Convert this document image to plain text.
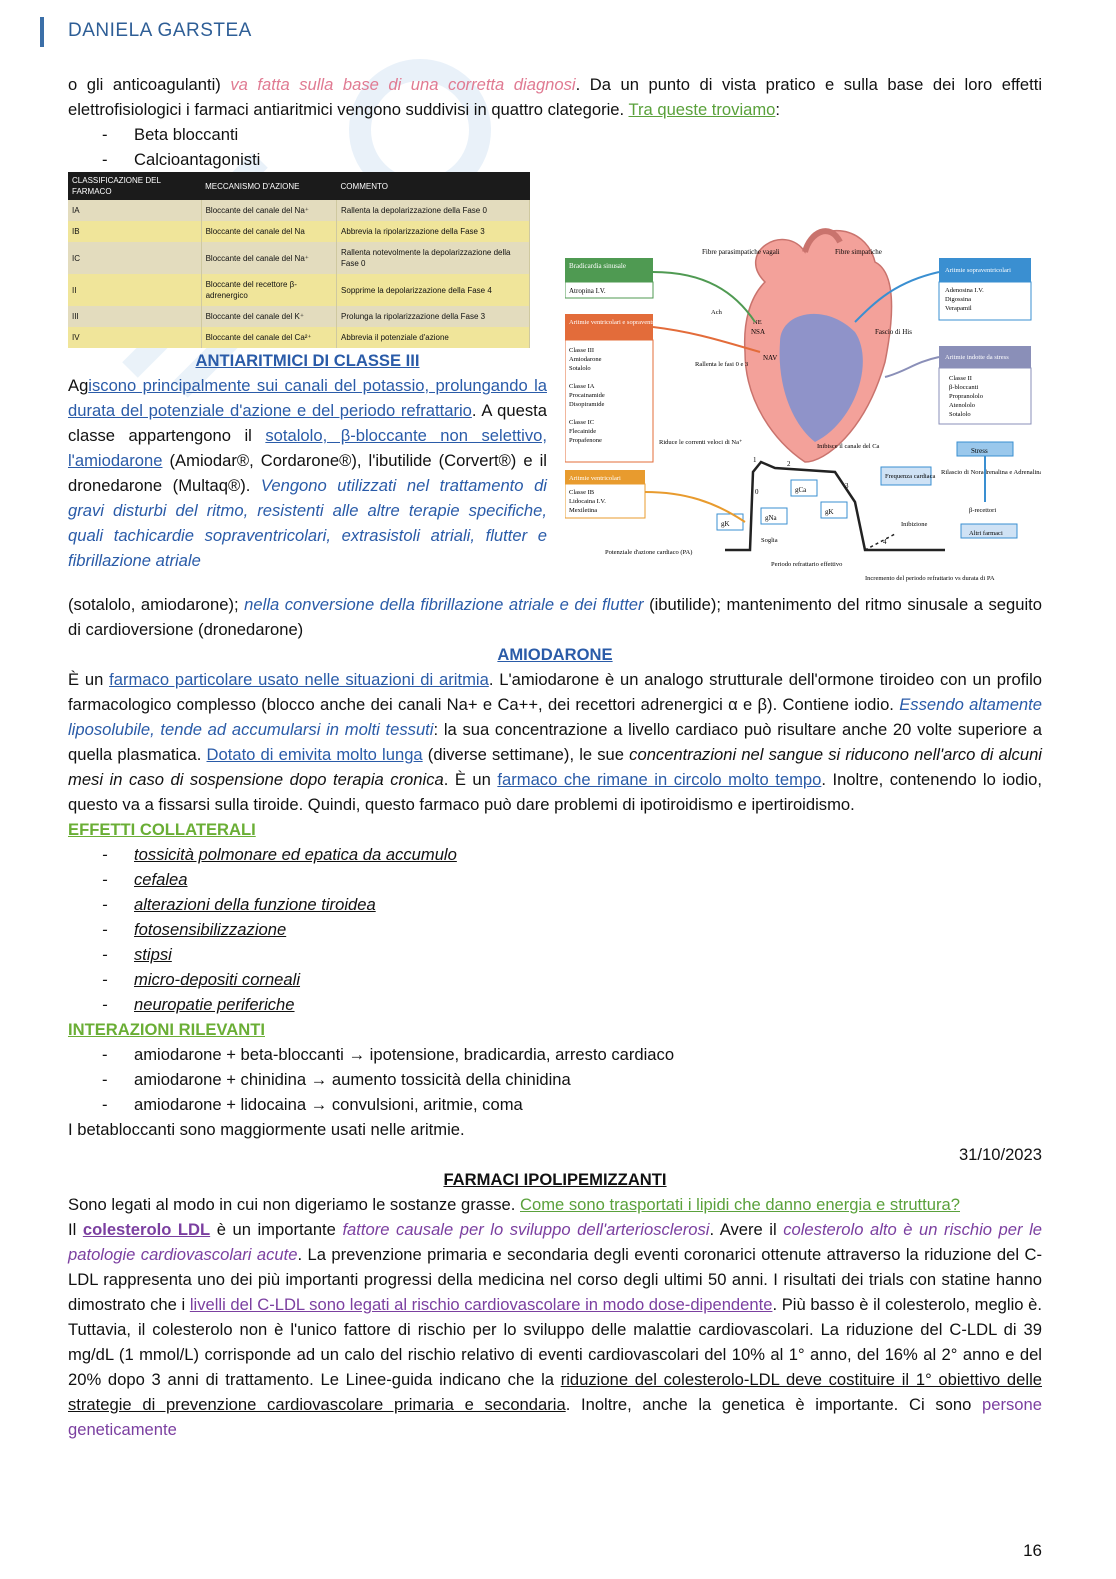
DANIELA GARSTEA

o gli anticoagulanti) va fatta sulla base di una corretta diagnosi. Da un punto di vista pratico e sulla base dei loro effetti elettrofisiologici i farmaci antiaritmici vengono suddivisi in quattro clategorie. Tra queste troviamo:

- Beta bloccanti
- Calcioantagonisti
CLASSIFICAZIONE DEL FARMACO	MECCANISMO D'AZIONE	COMMENTO
IA	Bloccante del canale del Na⁺	Rallenta la depolarizzazione della Fase 0
IB	Bloccante del canale del Na	Abbrevia la ripolarizzazione della Fase 3
IC	Bloccante del canale del Na⁺	Rallenta notevolmente la depolarizzazione della Fase 0
II	Bloccante del recettore β-adrenergico	Sopprime la depolarizzazione della Fase 4
III	Bloccante del canale del K⁺	Prolunga la ripolarizzazione della Fase 3
IV	Bloccante del canale del Ca²⁺	Abbrevia il potenziale d'azione

ANTIARITMICI DI CLASSE III

Agiscono principalmente sui canali del potassio, prolungando la durata del potenziale d'azione e del periodo refrattario. A questa classe appartengono il sotalolo, β-bloccante non selettivo, l'amiodarone (Amiodar®, Cordarone®), l'ibutilide (Corvert®) e il dronedarone (Multaq®). Vengono utilizzati nel trattamento di gravi disturbi del ritmo, resistenti alle altre terapie specifiche, quali tachicardie sopraventricolari, extrasistoli atriali, flutter e fibrillazione atriale

Bradicardia sinusale
Atropina I.V.
Aritmie ventricolari e sopraventricolari
Classe III
Amiodarone
Sotalolo
Classe IA
Procainamide
Disopiramide
Classe IC
Flecainide
Propafenone
Aritmie ventricolari
Classe IB
Lidocaina I.V.
Mexiletina
Aritmie sopraventricolari
Adenosina I.V.
Digossina
Verapamil
Aritmie indotte da stress
Classe II
β-bloccanti
Propranololo
Atenololo
Sotalolo
Stress
Fibre parasimpatiche vagali	Fibre simpatiche
Ach
NE
NSA
NAV
Fascio di His
Rallenta le fasi 0 e 3
Riduce le correnti veloci di Na⁺
Inibisce il canale del Ca
Frequenza cardiaca
Rilascio di Noradrenalina e Adrenalina
β-recettori
Altri farmaci
Inibizione
gK
gNa
gCa
gK
Soglia
1
0
2
3
4
Potenziale d'azione cardiaco (PA)
Periodo refrattario effettivo
Incremento del periodo refrattario vs durata di PA

(sotalolo, amiodarone); nella conversione della fibrillazione atriale e dei flutter (ibutilide); mantenimento del ritmo sinusale a seguito di cardioversione (dronedarone)

AMIODARONE

È un farmaco particolare usato nelle situazioni di aritmia. L'amiodarone è un analogo strutturale dell'ormone tiroideo con un profilo farmacologico complesso (blocco anche dei canali Na+ e Ca++, dei recettori adrenergici α e β). Contiene iodio. Essendo altamente liposolubile, tende ad accumularsi in molti tessuti: la sua concentrazione a livello cardiaco può risultare anche 20 volte superiore a quella plasmatica. Dotato di emivita molto lunga (diverse settimane), le sue concentrazioni nel sangue si riducono nell'arco di alcuni mesi in caso di sospensione dopo terapia cronica. È un farmaco che rimane in circolo molto tempo. Inoltre, contenendo lo iodio, questo va a fissarsi sulla tiroide. Quindi, questo farmaco può dare problemi di ipotiroidismo e ipertiroidismo.

EFFETTI COLLATERALI

- tossicità polmonare ed epatica da accumulo
- cefalea
- alterazioni della funzione tiroidea
- fotosensibilizzazione
- stipsi
- micro-depositi corneali
- neuropatie periferiche

INTERAZIONI RILEVANTI

- amiodarone + beta-bloccanti → ipotensione, bradicardia, arresto cardiaco
- amiodarone + chinidina → aumento tossicità della chinidina
- amiodarone + lidocaina → convulsioni, aritmie, coma

I betabloccanti sono maggiormente usati nelle aritmie.

31/10/2023

FARMACI IPOLIPEMIZZANTI

Sono legati al modo in cui non digeriamo le sostanze grasse. Come sono trasportati i lipidi che danno energia e struttura?

Il colesterolo LDL è un importante fattore causale per lo sviluppo dell'arteriosclerosi. Avere il colesterolo alto è un rischio per le patologie cardiovascolari acute. La prevenzione primaria e secondaria degli eventi coronarici ottenute attraverso la riduzione del C-LDL rappresenta uno dei più importanti progressi della medicina nel corso degli ultimi 50 anni. I risultati dei trials con statine hanno dimostrato che i livelli del C-LDL sono legati al rischio cardiovascolare in modo dose-dipendente. Più basso è il colesterolo, meglio è. Tuttavia, il colesterolo non è l'unico fattore di rischio per lo sviluppo delle malattie cardiovascolari. La riduzione del C-LDL di 39 mg/dL (1 mmol/L) corrisponde ad un calo del rischio relativo di eventi cardiovascolari del 10% al 1° anno, del 16% al 2° anno e del 20% dopo 3 anni di trattamento. Le Linee-guida indicano che la riduzione del colesterolo-LDL deve costituire il 1° obiettivo delle strategie di prevenzione cardiovascolare primaria e secondaria. Inoltre, anche la genetica è importante. Ci sono persone geneticamente

16
